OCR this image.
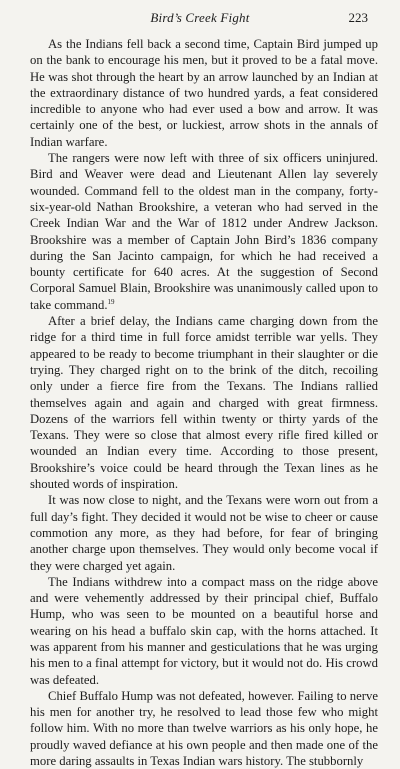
Bird’s Creek Fight	223

As the Indians fell back a second time, Captain Bird jumped up on the bank to encourage his men, but it proved to be a fatal move. He was shot through the heart by an arrow launched by an Indian at the extraordinary distance of two hundred yards, a feat considered incredible to anyone who had ever used a bow and arrow. It was certainly one of the best, or luckiest, arrow shots in the annals of Indian warfare.

The rangers were now left with three of six officers uninjured. Bird and Weaver were dead and Lieutenant Allen lay severely wounded. Command fell to the oldest man in the company, forty-six-year-old Nathan Brookshire, a veteran who had served in the Creek Indian War and the War of 1812 under Andrew Jackson. Brookshire was a member of Captain John Bird’s 1836 company during the San Jacinto campaign, for which he had received a bounty certificate for 640 acres. At the suggestion of Second Corporal Samuel Blain, Brookshire was unanimously called upon to take command.$^{19}$

After a brief delay, the Indians came charging down from the ridge for a third time in full force amidst terrible war yells. They appeared to be ready to become triumphant in their slaughter or die trying. They charged right on to the brink of the ditch, recoiling only under a fierce fire from the Texans. The Indians rallied themselves again and again and charged with great firmness. Dozens of the warriors fell within twenty or thirty yards of the Texans. They were so close that almost every rifle fired killed or wounded an Indian every time. According to those present, Brookshire’s voice could be heard through the Texan lines as he shouted words of inspiration.

It was now close to night, and the Texans were worn out from a full day’s fight. They decided it would not be wise to cheer or cause commotion any more, as they had before, for fear of bringing another charge upon themselves. They would only become vocal if they were charged yet again.

The Indians withdrew into a compact mass on the ridge above and were vehemently addressed by their principal chief, Buffalo Hump, who was seen to be mounted on a beautiful horse and wearing on his head a buffalo skin cap, with the horns attached. It was apparent from his manner and gesticulations that he was urging his men to a final attempt for victory, but it would not do. His crowd was defeated.

Chief Buffalo Hump was not defeated, however. Failing to nerve his men for another try, he resolved to lead those few who might follow him. With no more than twelve warriors as his only hope, he proudly waved defiance at his own people and then made one of the more daring assaults in Texas Indian wars history. The stubbornly
